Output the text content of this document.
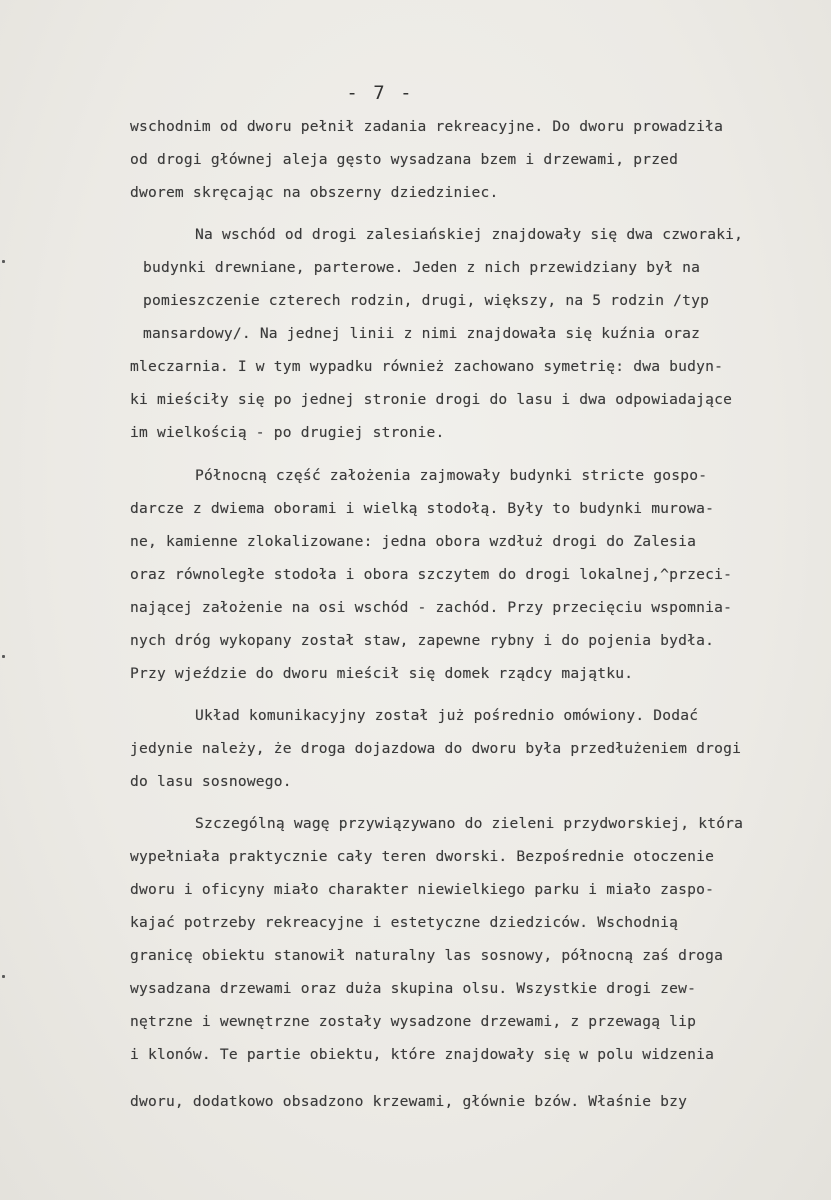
- 7 -
wschodnim od dworu pełnił zadania rekreacyjne. Do dworu prowadziła
od drogi głównej aleja gęsto wysadzana bzem i drzewami, przed
dworem skręcając na obszerny dziedziniec.
Na wschód od drogi zalesiańskiej znajdowały się dwa czworaki,
budynki drewniane, parterowe. Jeden z nich przewidziany był na
pomieszczenie czterech rodzin, drugi, większy, na 5 rodzin /typ
mansardowy/. Na jednej linii z nimi znajdowała się kuźnia oraz
mleczarnia. I w tym wypadku również zachowano symetrię: dwa budyn-
ki mieściły się po jednej stronie drogi do lasu i dwa odpowiadające
im wielkością - po drugiej stronie.
Północną część założenia zajmowały budynki stricte gospo-
darcze z dwiema oborami i wielką stodołą. Były to budynki murowa-
ne, kamienne zlokalizowane: jedna obora wzdłuż drogi do Zalesia
oraz równoległe stodoła i obora szczytem do drogi lokalnej,^przeci-
nającej założenie na osi wschód - zachód. Przy przecięciu wspomnia-
nych dróg wykopany został staw, zapewne rybny i do pojenia bydła.
Przy wjeździe do dworu mieścił się domek rządcy majątku.
Układ komunikacyjny został już pośrednio omówiony. Dodać
jedynie należy, że droga dojazdowa do dworu była przedłużeniem drogi
do lasu sosnowego.
Szczególną wagę przywiązywano do zieleni przydworskiej, która
wypełniała praktycznie cały teren dworski. Bezpośrednie otoczenie
dworu i oficyny miało charakter niewielkiego parku i miało zaspo-
kajać potrzeby rekreacyjne i estetyczne dziedziców. Wschodnią
granicę obiektu stanowił naturalny las sosnowy, północną zaś droga
wysadzana drzewami oraz duża skupina olsu. Wszystkie drogi zew-
nętrzne i wewnętrzne zostały wysadzone drzewami, z przewagą lip
i klonów. Te partie obiektu, które znajdowały się w polu widzenia
dworu, dodatkowo obsadzono krzewami, głównie bzów. Właśnie bzy
